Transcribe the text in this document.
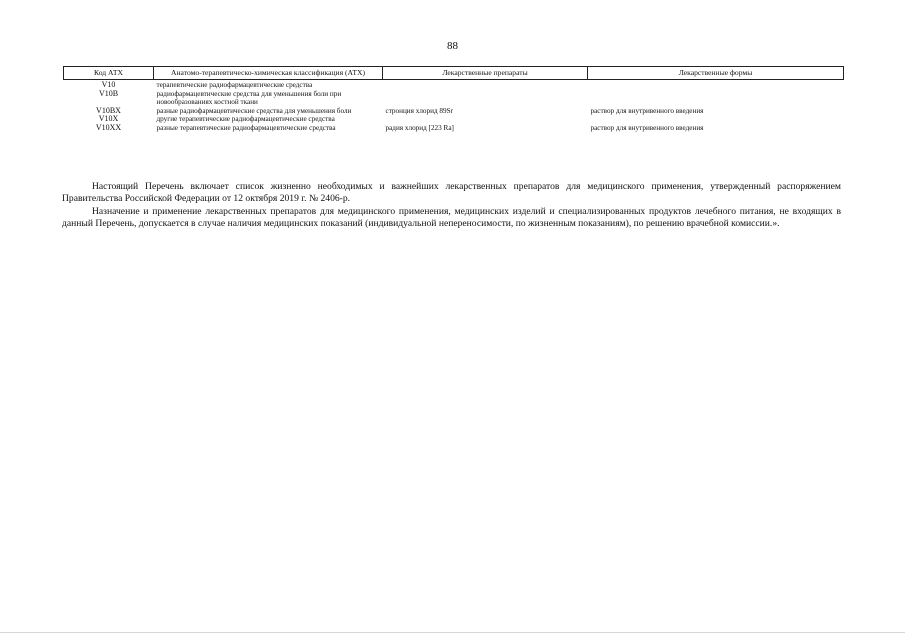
88
Код АТХ	Анатомо-терапевтическо-химическая классификация (АТХ)	Лекарственные препараты	Лекарственные формы
V10	терапевтические радиофармацевтические средства		
V10B	радиофармацевтические средства для уменьшения боли при новообразованиях костной ткани		
V10BX	разные радиофармацевтические средства для уменьшения боли	стронция хлорид 89Sr	раствор для внутривенного введения
V10X	другие терапевтические радиофармацевтические средства		
V10XX	разные терапевтические радиофармацевтические средства	радия хлорид [223 Ra]	раствор для внутривенного введения

Настоящий Перечень включает список жизненно необходимых и важнейших лекарственных препаратов для медицинского применения, утвержденный распоряжением Правительства Российской Федерации от 12 октября 2019 г. № 2406-р.

Назначение и применение лекарственных препаратов для медицинского применения, медицинских изделий и специализированных продуктов лечебного питания, не входящих в данный Перечень, допускается в случае наличия медицинских показаний (индивидуальной непереносимости, по жизненным показаниям), по решению врачебной комиссии.».
